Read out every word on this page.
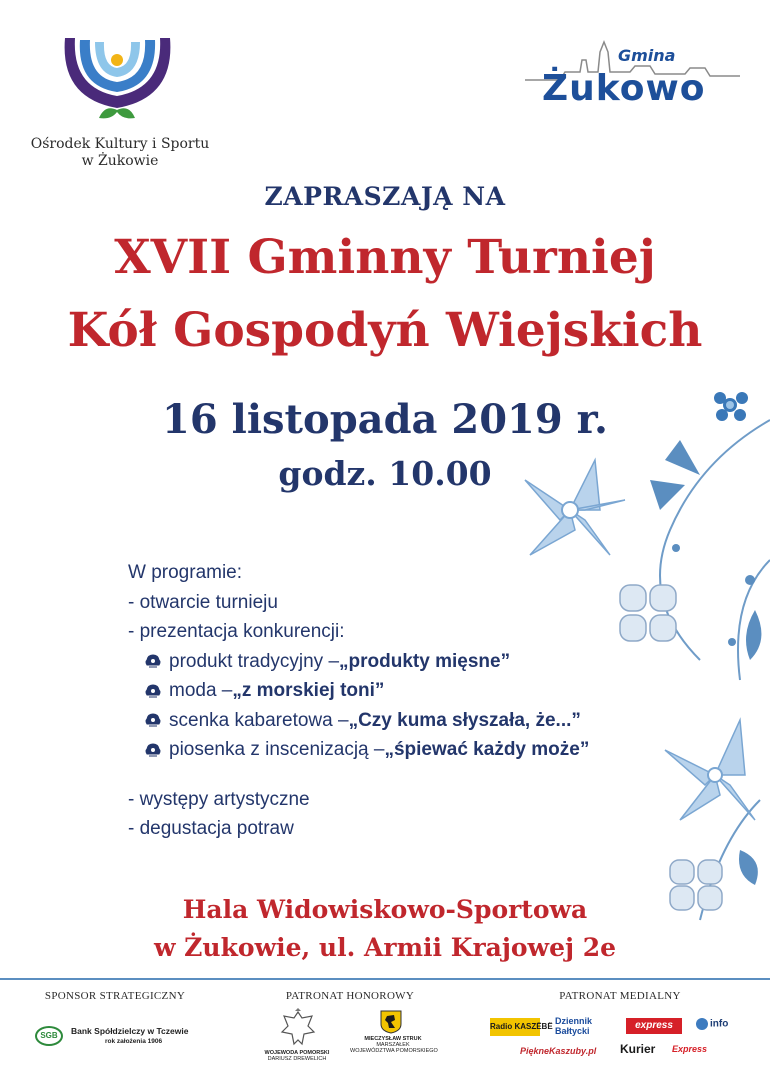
Ośrodek Kultury i Sportu
w Żukowie
Gmina
Żukowo
ZAPRASZAJĄ NA
XVII Gminny Turniej
Kół Gospodyń Wiejskich
16 listopada 2019 r.
godz. 10.00
W programie:
- otwarcie turnieju
- prezentacja konkurencji:
produkt tradycyjny – „produkty mięsne”
moda – „z morskiej toni”
scenka kabaretowa – „Czy kuma słyszała, że...”
piosenka z inscenizacją – „śpiewać każdy może”
- występy artystyczne
- degustacja potraw
Hala Widowiskowo-Sportowa
w Żukowie, ul. Armii Krajowej 2e
SPONSOR STRATEGICZNY	PATRONAT HONOROWY	PATRONAT MEDIALNY
SGB	Bank Spółdzielczy w Tczewie
rok założenia 1906
WOJEWODA POMORSKI
DARIUSZ DREWELICH
MIECZYSŁAW STRUK
MARSZAŁEK
WOJEWÓDZTWA POMORSKIEGO
Radio KASZËBË
Dziennik
Bałtycki	express	info
PiękneKaszuby.pl Kurier Express
